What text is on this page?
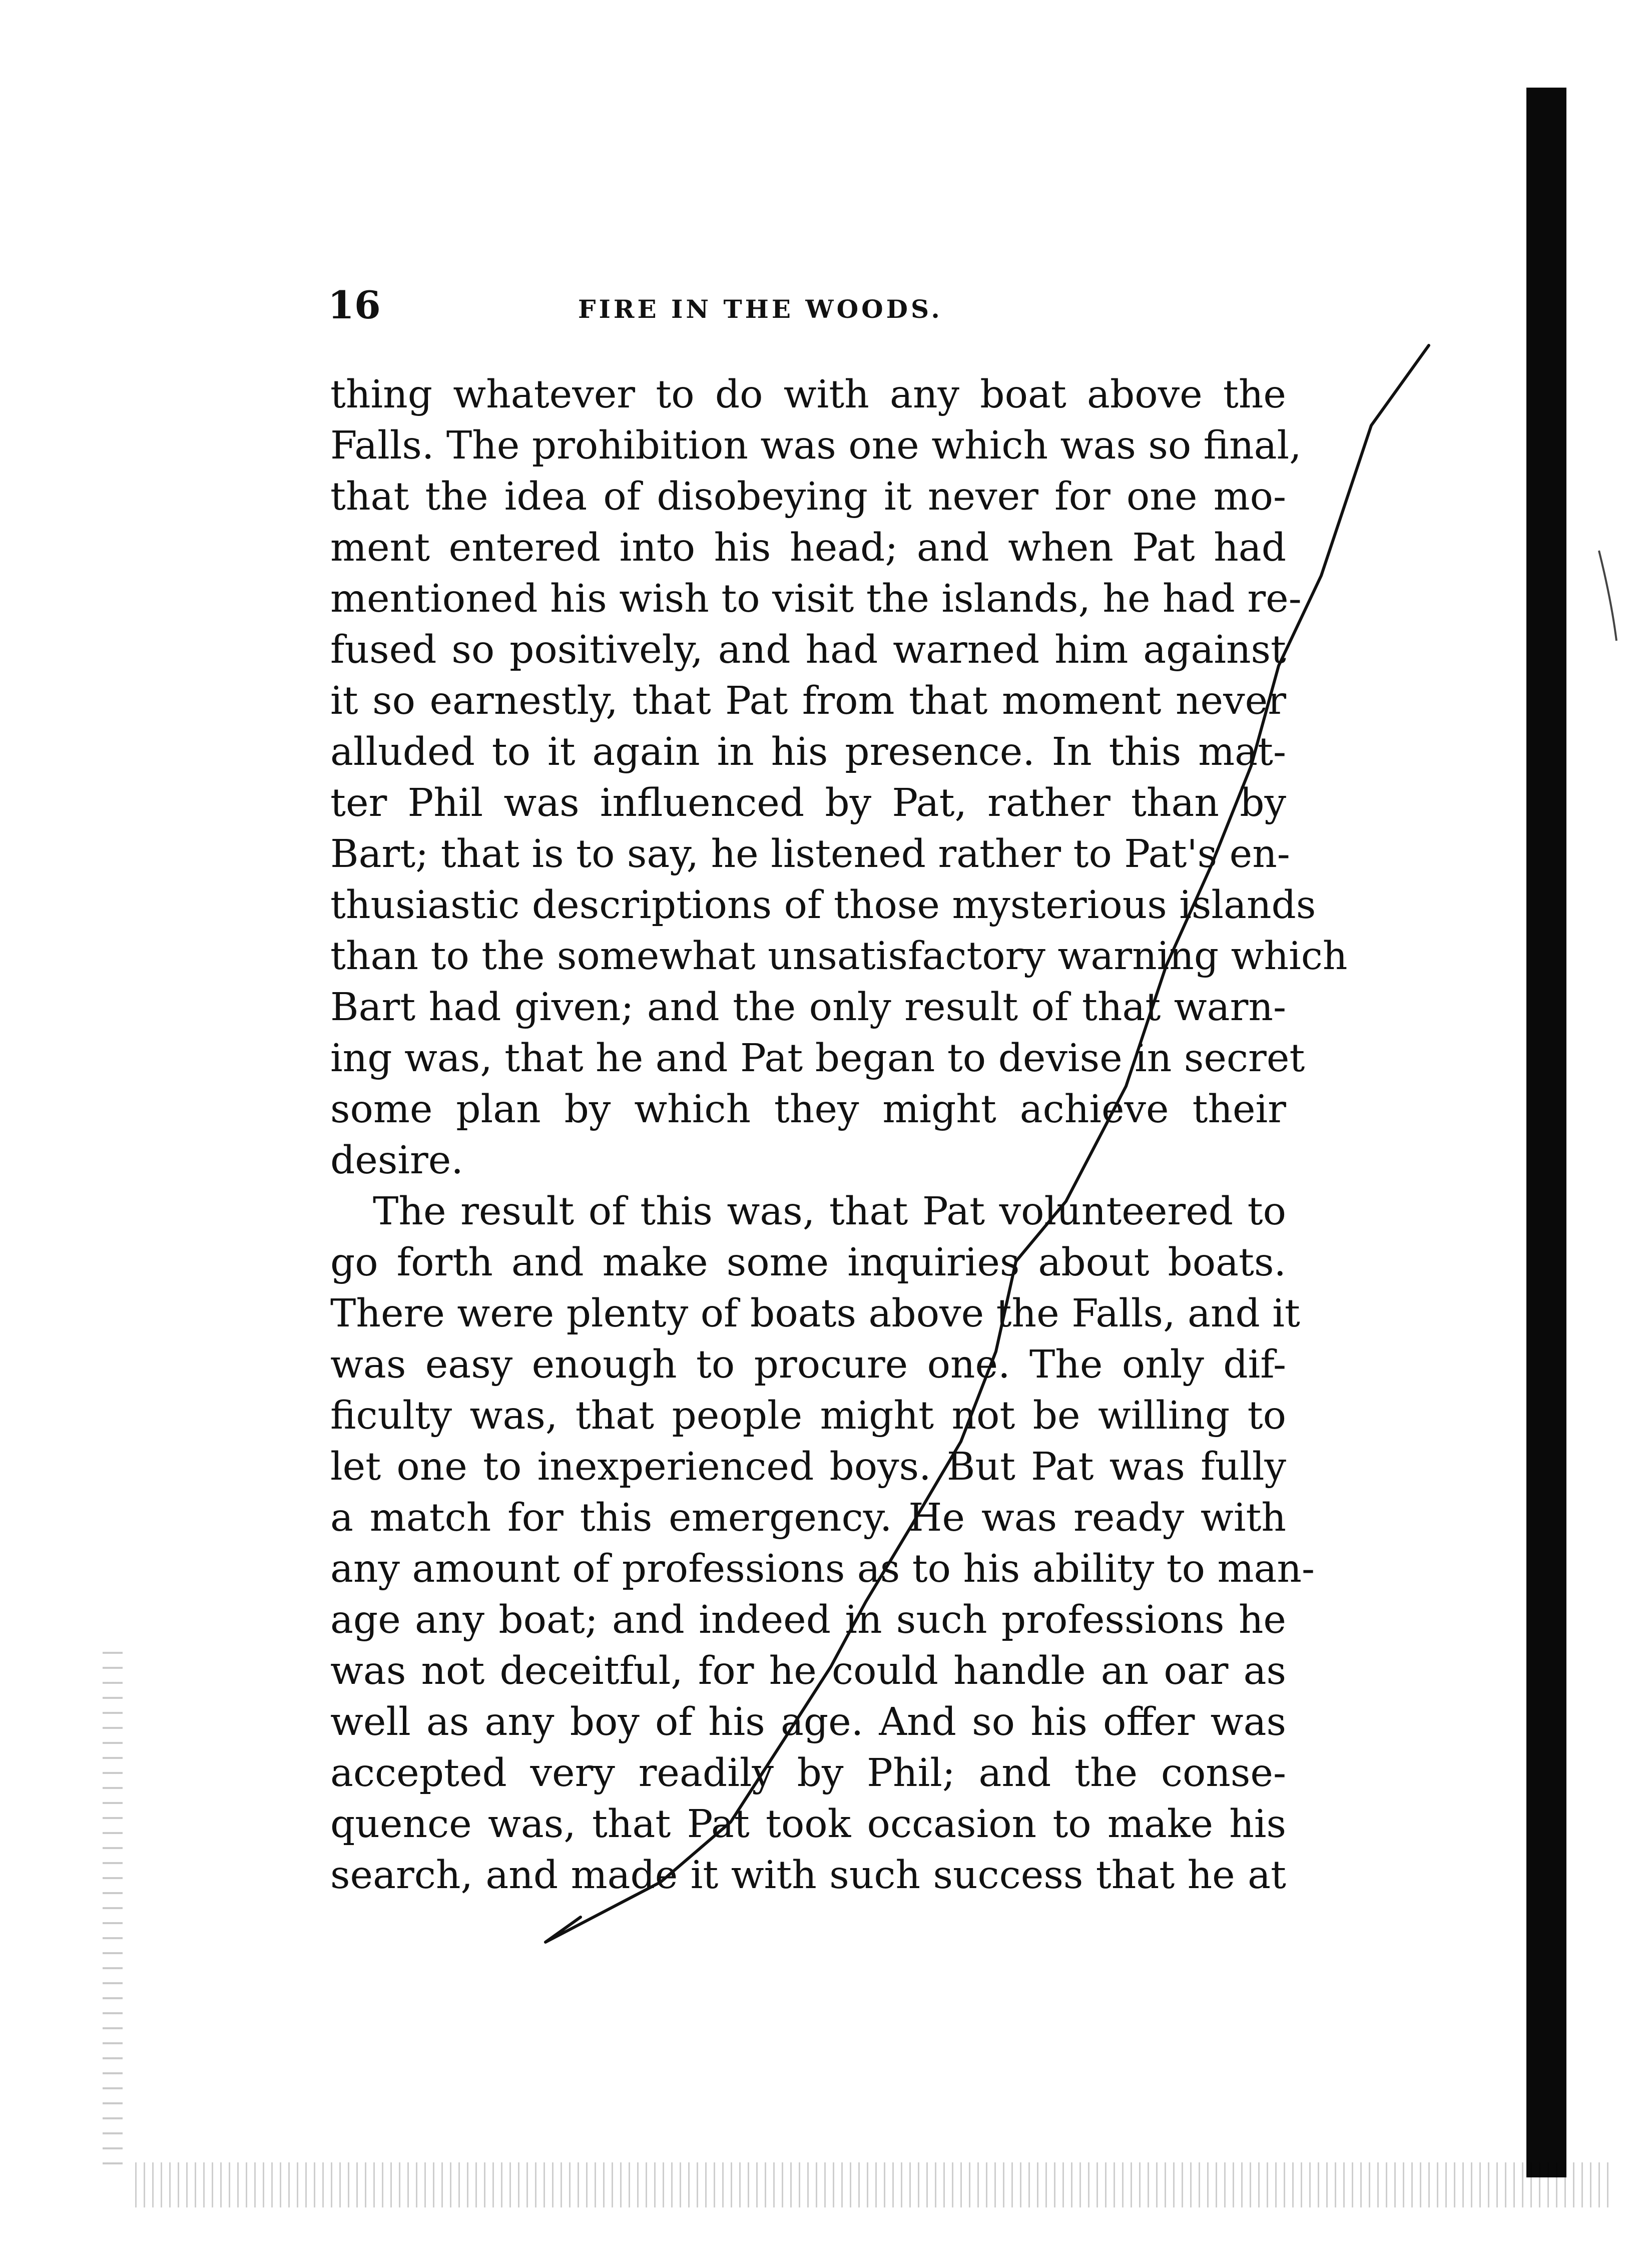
16	FIRE IN THE WOODS.
thing whatever to do with any boat above the
Falls. The prohibition was one which was so final,
that the idea of disobeying it never for one mo-
ment entered into his head; and when Pat had
mentioned his wish to visit the islands, he had re-
fused so positively, and had warned him against
it so earnestly, that Pat from that moment never
alluded to it again in his presence. In this mat-
ter Phil was influenced by Pat, rather than by
Bart; that is to say, he listened rather to Pat's en-
thusiastic descriptions of those mysterious islands
than to the somewhat unsatisfactory warning which
Bart had given; and the only result of that warn-
ing was, that he and Pat began to devise in secret
some plan by which they might achieve their
desire.
The result of this was, that Pat volunteered to
go forth and make some inquiries about boats.
There were plenty of boats above the Falls, and it
was easy enough to procure one. The only dif-
ficulty was, that people might not be willing to
let one to inexperienced boys. But Pat was fully
a match for this emergency. He was ready with
any amount of professions as to his ability to man-
age any boat; and indeed in such professions he
was not deceitful, for he could handle an oar as
well as any boy of his age. And so his offer was
accepted very readily by Phil; and the conse-
quence was, that Pat took occasion to make his
search, and made it with such success that he at
